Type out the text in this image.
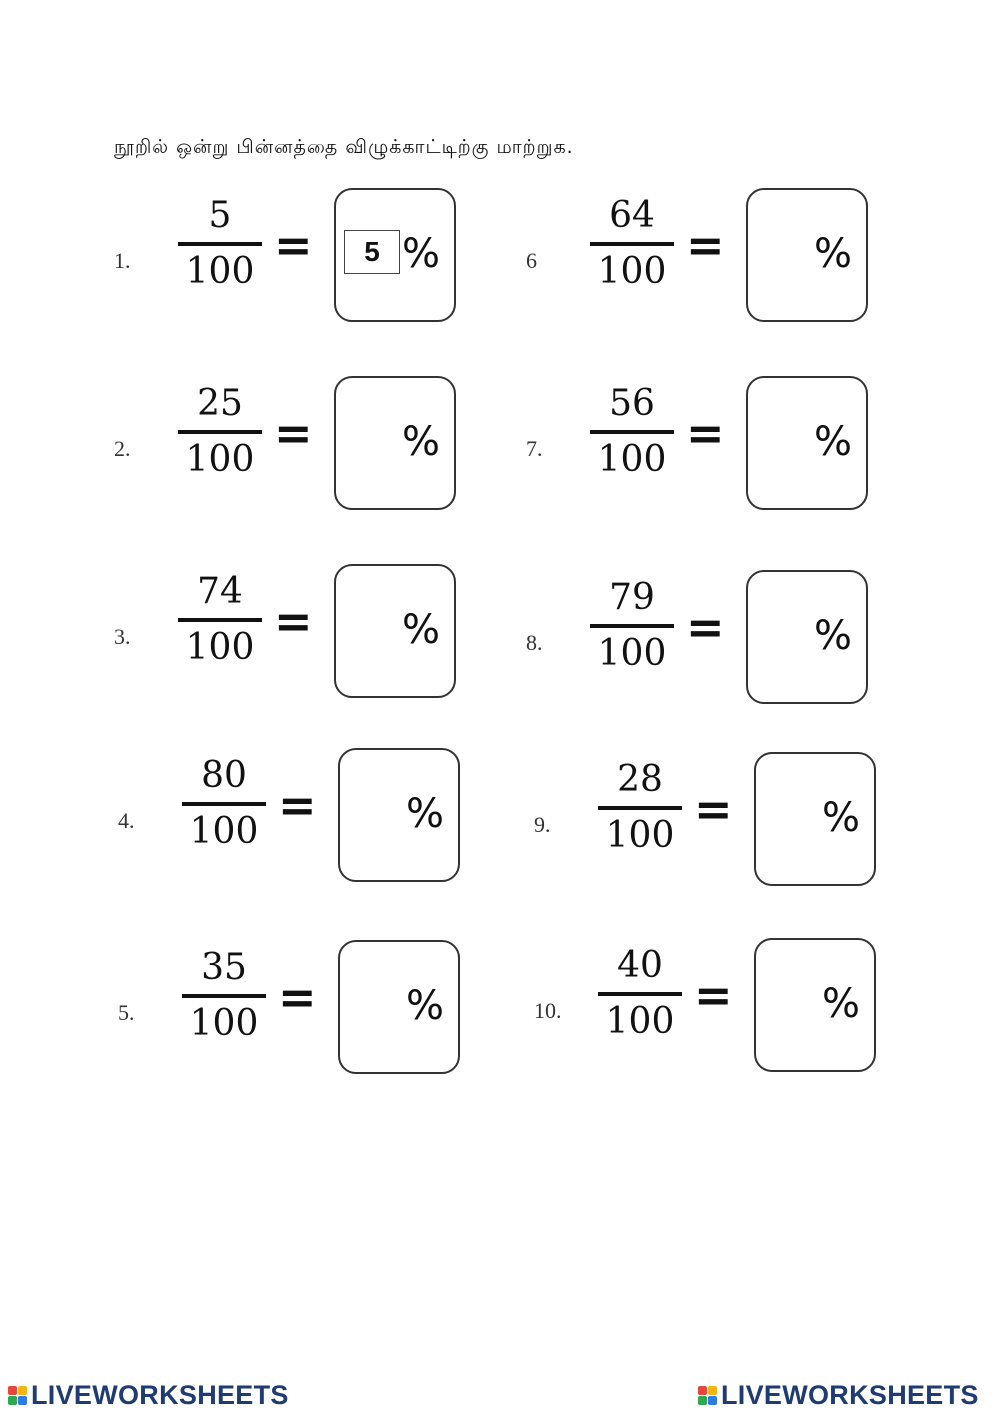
நூறில் ஒன்று பின்னத்தை விழுக்காட்டிற்கு மாற்றுக.
1.
5
100 =
5 %
2.
25
100 = %
3.
74
100 = %
4.
80
100 = %
5.
35
100 = %
6
64
100 = %
7.
56
100 = %
8.
79
100 = %
9.
28
100 = %
10.
40
100 = %
LIVEWORKSHEETS	LIVEWORKSHEETS
